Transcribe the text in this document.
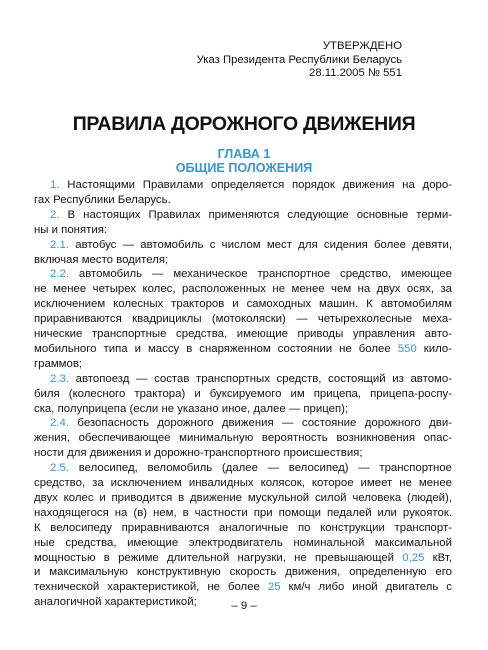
УТВЕРЖДЕНО
Указ Президента Республики Беларусь
28.11.2005 № 551
ПРАВИЛА ДОРОЖНОГО ДВИЖЕНИЯ
ГЛАВА 1
ОБЩИЕ ПОЛОЖЕНИЯ
1. Настоящими Правилами определяется порядок движения на доро-
гах Республики Беларусь.
2. В настоящих Правилах применяются следующие основные терми-
ны и понятия:
2.1. автобус — автомобиль с числом мест для сидения более девяти,
включая место водителя;
2.2. автомобиль — механическое транспортное средство, имеющее
не менее четырех колес, расположенных не менее чем на двух осях, за
исключением колесных тракторов и самоходных машин. К автомобилям
приравниваются квадрициклы (мотоколяски) — четырехколесные меха-
нические транспортные средства, имеющие приводы управления авто-
мобильного типа и массу в снаряженном состоянии не более 550 кило-
граммов;
2.3. автопоезд — состав транспортных средств, состоящий из автомо-
биля (колесного трактора) и буксируемого им прицепа, прицепа-роспу-
ска, полуприцепа (если не указано иное, далее — прицеп);
2.4. безопасность дорожного движения — состояние дорожного дви-
жения, обеспечивающее минимальную вероятность возникновения опас-
ности для движения и дорожно-транспортного происшествия;
2.5. велосипед, веломобиль (далее — велосипед) — транспортное
средство, за исключением инвалидных колясок, которое имеет не менее
двух колес и приводится в движение мускульной силой человека (людей),
находящегося на (в) нем, в частности при помощи педалей или рукояток.
К велосипеду приравниваются аналогичные по конструкции транспорт-
ные средства, имеющие электродвигатель номинальной максимальной
мощностью в режиме длительной нагрузки, не превышающей 0,25 кВт,
и максимальную конструктивную скорость движения, определенную его
технической характеристикой, не более 25 км/ч либо иной двигатель с
аналогичной характеристикой;	– 9 –
